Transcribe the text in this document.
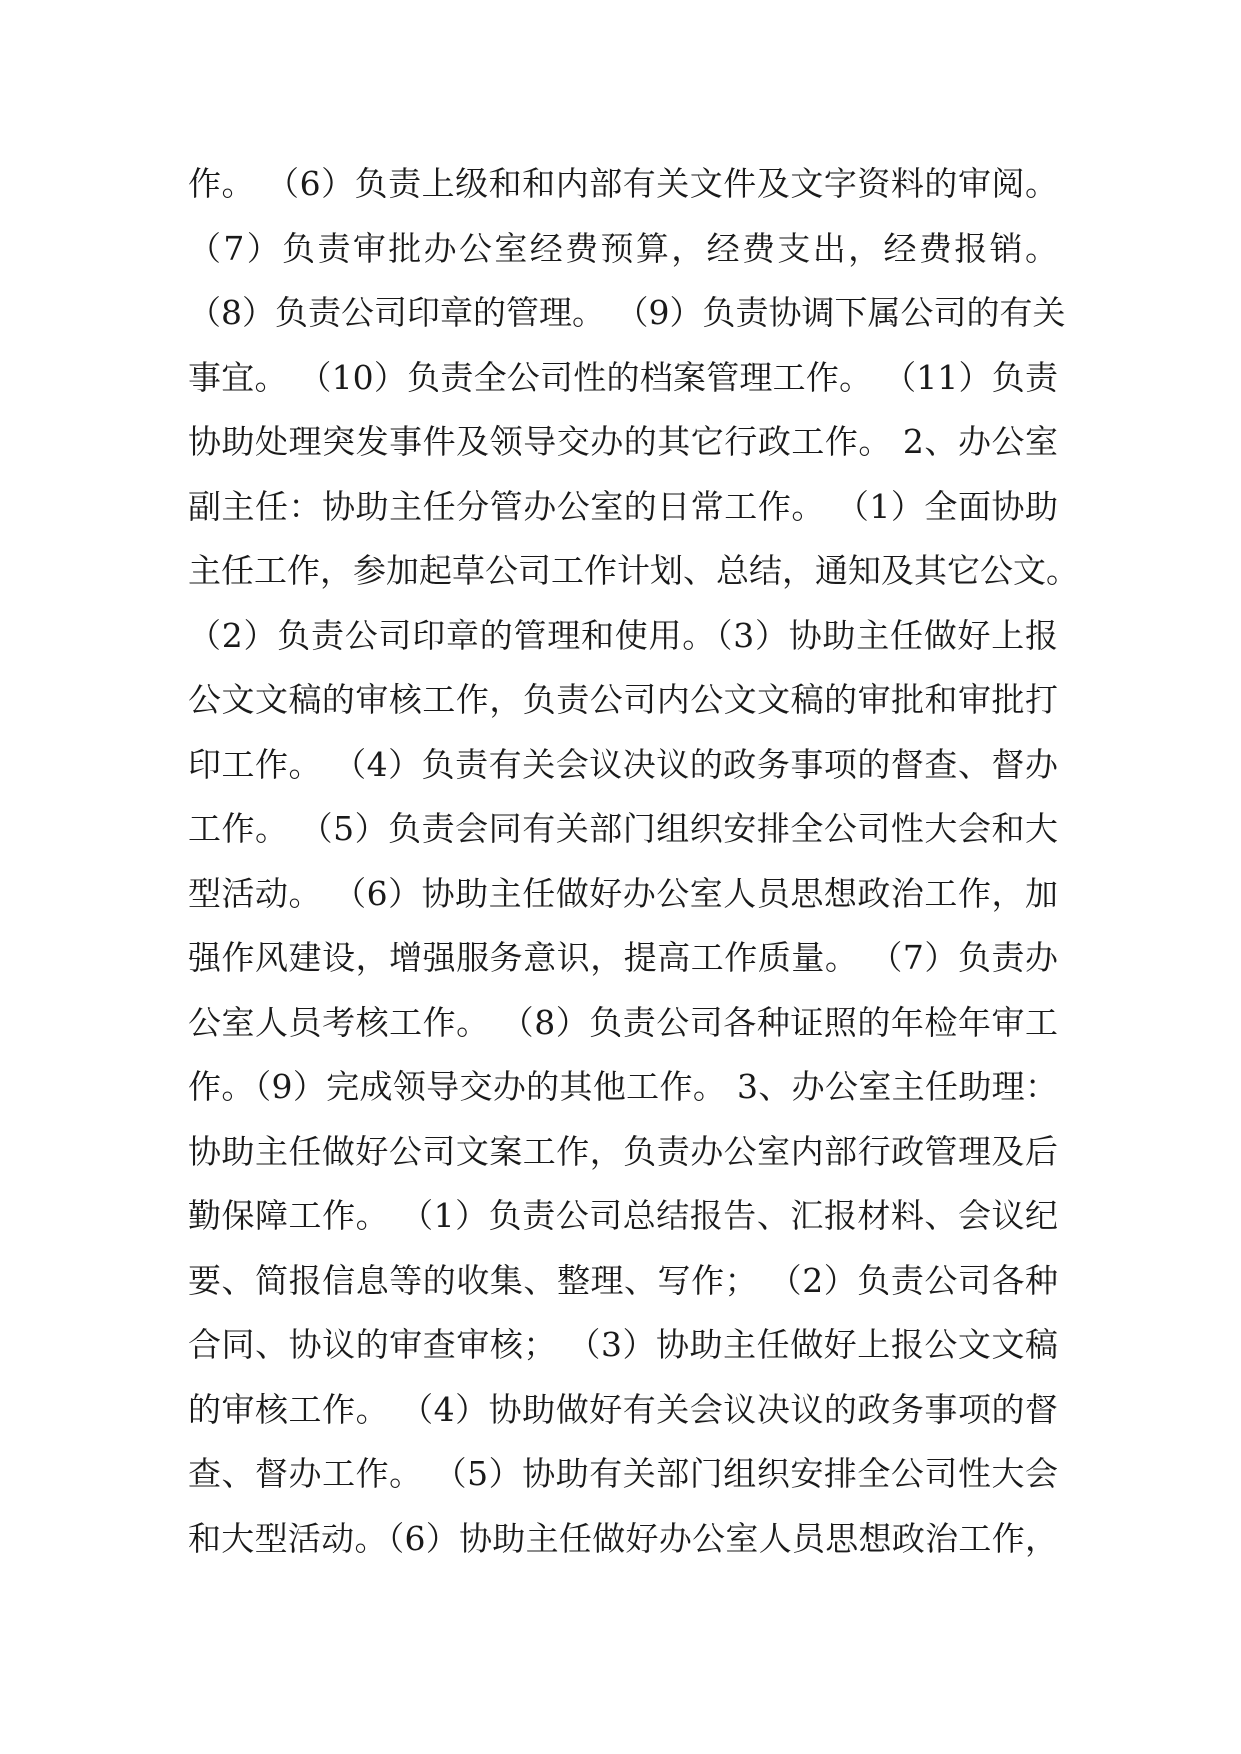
作。 （6）负责上级和和内部有关文件及文字资料的审阅。
（7）负责审批办公室经费预算，经费支出，经费报销。
（8）负责公司印章的管理。 （9）负责协调下属公司的有关
事宜。 （10）负责全公司性的档案管理工作。 （11）负责
协助处理突发事件及领导交办的其它行政工作。 2、办公室
副主任：协助主任分管办公室的日常工作。 （1）全面协助
主任工作，参加起草公司工作计划、总结，通知及其它公文。
（2）负责公司印章的管理和使用。（3）协助主任做好上报
公文文稿的审核工作，负责公司内公文文稿的审批和审批打
印工作。 （4）负责有关会议决议的政务事项的督查、督办
工作。 （5）负责会同有关部门组织安排全公司性大会和大
型活动。 （6）协助主任做好办公室人员思想政治工作，加
强作风建设，增强服务意识，提高工作质量。 （7）负责办
公室人员考核工作。 （8）负责公司各种证照的年检年审工
作。（9）完成领导交办的其他工作。 3、办公室主任助理：
协助主任做好公司文案工作，负责办公室内部行政管理及后
勤保障工作。 （1）负责公司总结报告、汇报材料、会议纪
要、简报信息等的收集、整理、写作； （2）负责公司各种
合同、协议的审查审核； （3）协助主任做好上报公文文稿
的审核工作。 （4）协助做好有关会议决议的政务事项的督
查、督办工作。 （5）协助有关部门组织安排全公司性大会
和大型活动。（6）协助主任做好办公室人员思想政治工作，
